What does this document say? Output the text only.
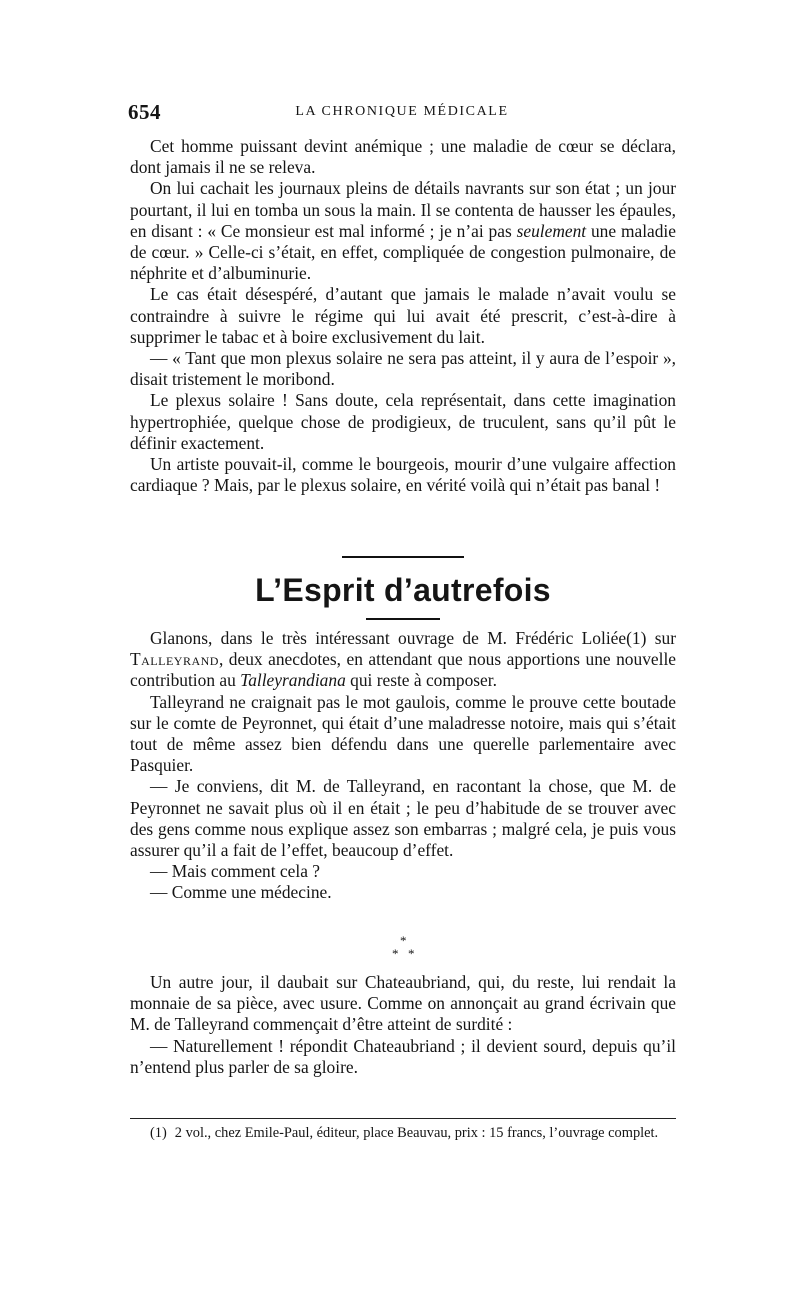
654	LA CHRONIQUE MÉDICALE

Cet homme puissant devint anémique ; une maladie de cœur se déclara, dont jamais il ne se releva.

On lui cachait les journaux pleins de détails navrants sur son état ; un jour pourtant, il lui en tomba un sous la main. Il se contenta de hausser les épaules, en disant : « Ce monsieur est mal informé ; je n’ai pas seulement une maladie de cœur. » Celle-ci s’était, en effet, compliquée de congestion pulmonaire, de néphrite et d’albuminurie.

Le cas était désespéré, d’autant que jamais le malade n’avait voulu se contraindre à suivre le régime qui lui avait été prescrit, c’est-à-dire à supprimer le tabac et à boire exclusivement du lait.

— « Tant que mon plexus solaire ne sera pas atteint, il y aura de l’espoir », disait tristement le moribond.

Le plexus solaire ! Sans doute, cela représentait, dans cette imagination hypertrophiée, quelque chose de prodigieux, de truculent, sans qu’il pût le définir exactement.

Un artiste pouvait-il, comme le bourgeois, mourir d’une vulgaire affection cardiaque ? Mais, par le plexus solaire, en vérité voilà qui n’était pas banal !

L’Esprit d’autrefois

Glanons, dans le très intéressant ouvrage de M. Frédéric Loliée(1) sur Talleyrand, deux anecdotes, en attendant que nous apportions une nouvelle contribution au Talleyrandiana qui reste à composer.

Talleyrand ne craignait pas le mot gaulois, comme le prouve cette boutade sur le comte de Peyronnet, qui était d’une maladresse notoire, mais qui s’était tout de même assez bien défendu dans une querelle parlementaire avec Pasquier.

— Je conviens, dit M. de Talleyrand, en racontant la chose, que M. de Peyronnet ne savait plus où il en était ; le peu d’habitude de se trouver avec des gens comme nous explique assez son embarras ; malgré cela, je puis vous assurer qu’il a fait de l’effet, beaucoup d’effet.

— Mais comment cela ?

— Comme une médecine.

*
* *

Un autre jour, il daubait sur Chateaubriand, qui, du reste, lui rendait la monnaie de sa pièce, avec usure. Comme on annonçait au grand écrivain que M. de Talleyrand commençait d’être atteint de surdité :

— Naturellement ! répondit Chateaubriand ; il devient sourd, depuis qu’il n’entend plus parler de sa gloire.

(1) 2 vol., chez Emile-Paul, éditeur, place Beauvau, prix : 15 francs, l’ouvrage complet.
